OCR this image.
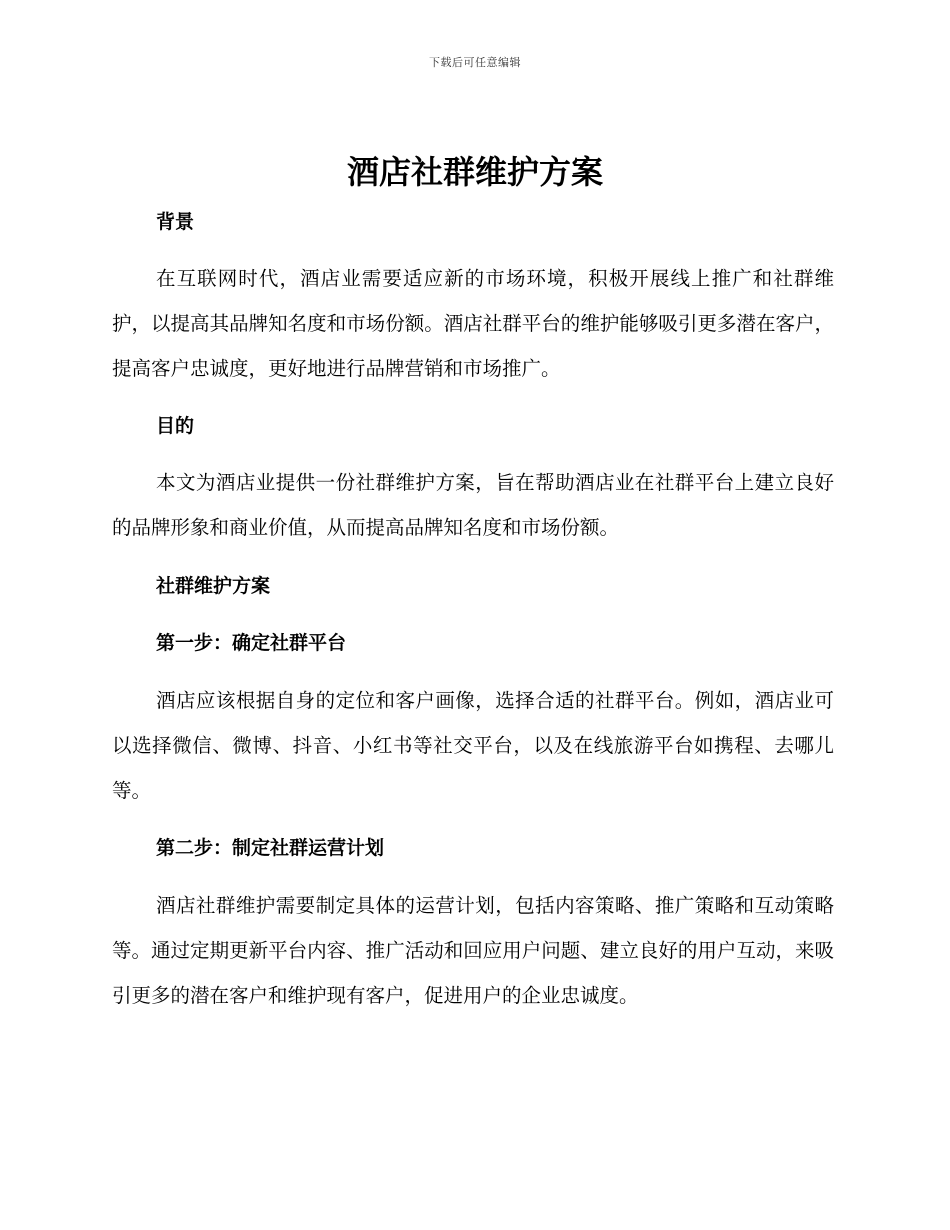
下载后可任意编辑
酒店社群维护方案
背景

在互联网时代，酒店业需要适应新的市场环境，积极开展线上推广和社群维护，以提高其品牌知名度和市场份额。酒店社群平台的维护能够吸引更多潜在客户，提高客户忠诚度，更好地进行品牌营销和市场推广。

目的

本文为酒店业提供一份社群维护方案，旨在帮助酒店业在社群平台上建立良好的品牌形象和商业价值，从而提高品牌知名度和市场份额。

社群维护方案
第一步：确定社群平台

酒店应该根据自身的定位和客户画像，选择合适的社群平台。例如，酒店业可以选择微信、微博、抖音、小红书等社交平台，以及在线旅游平台如携程、去哪儿等。

第二步：制定社群运营计划

酒店社群维护需要制定具体的运营计划，包括内容策略、推广策略和互动策略等。通过定期更新平台内容、推广活动和回应用户问题、建立良好的用户互动，来吸引更多的潜在客户和维护现有客户，促进用户的企业忠诚度。
